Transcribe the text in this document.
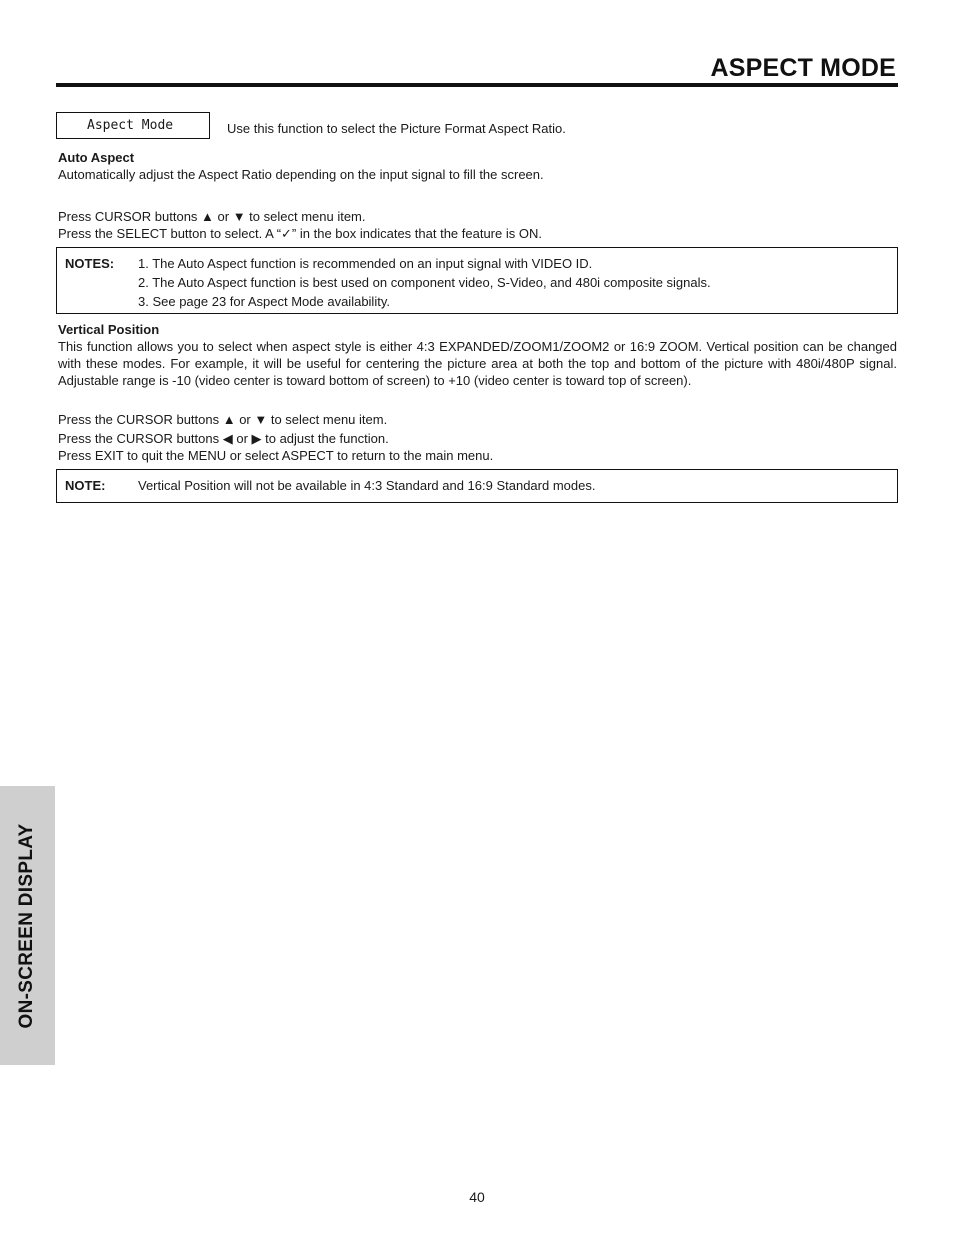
ASPECT MODE
Aspect Mode	Use this function to select the Picture Format Aspect Ratio.
Auto Aspect
Automatically adjust the Aspect Ratio depending on the input signal to fill the screen.
Press CURSOR buttons ▲ or ▼ to select menu item.
Press the SELECT button to select. A “✓” in the box indicates that the feature is ON.
NOTES: 1. The Auto Aspect function is recommended on an input signal with VIDEO ID.
2. The Auto Aspect function is best used on component video, S-Video, and 480i composite signals.
3. See page 23 for Aspect Mode availability.
Vertical Position
This function allows you to select when aspect style is either 4:3 EXPANDED/ZOOM1/ZOOM2 or 16:9 ZOOM. Vertical position can be changed with these modes. For example, it will be useful for centering the picture area at both the top and bottom of the picture with 480i/480P signal. Adjustable range is -10 (video center is toward bottom of screen) to +10 (video center is toward top of screen).
Press the CURSOR buttons ▲ or ▼ to select menu item.
Press the CURSOR buttons ◀ or ▶ to adjust the function.
Press EXIT to quit the MENU or select ASPECT to return to the main menu.
NOTE:	Vertical Position will not be available in 4:3 Standard and 16:9 Standard modes.
ON-SCREEN DISPLAY
40
